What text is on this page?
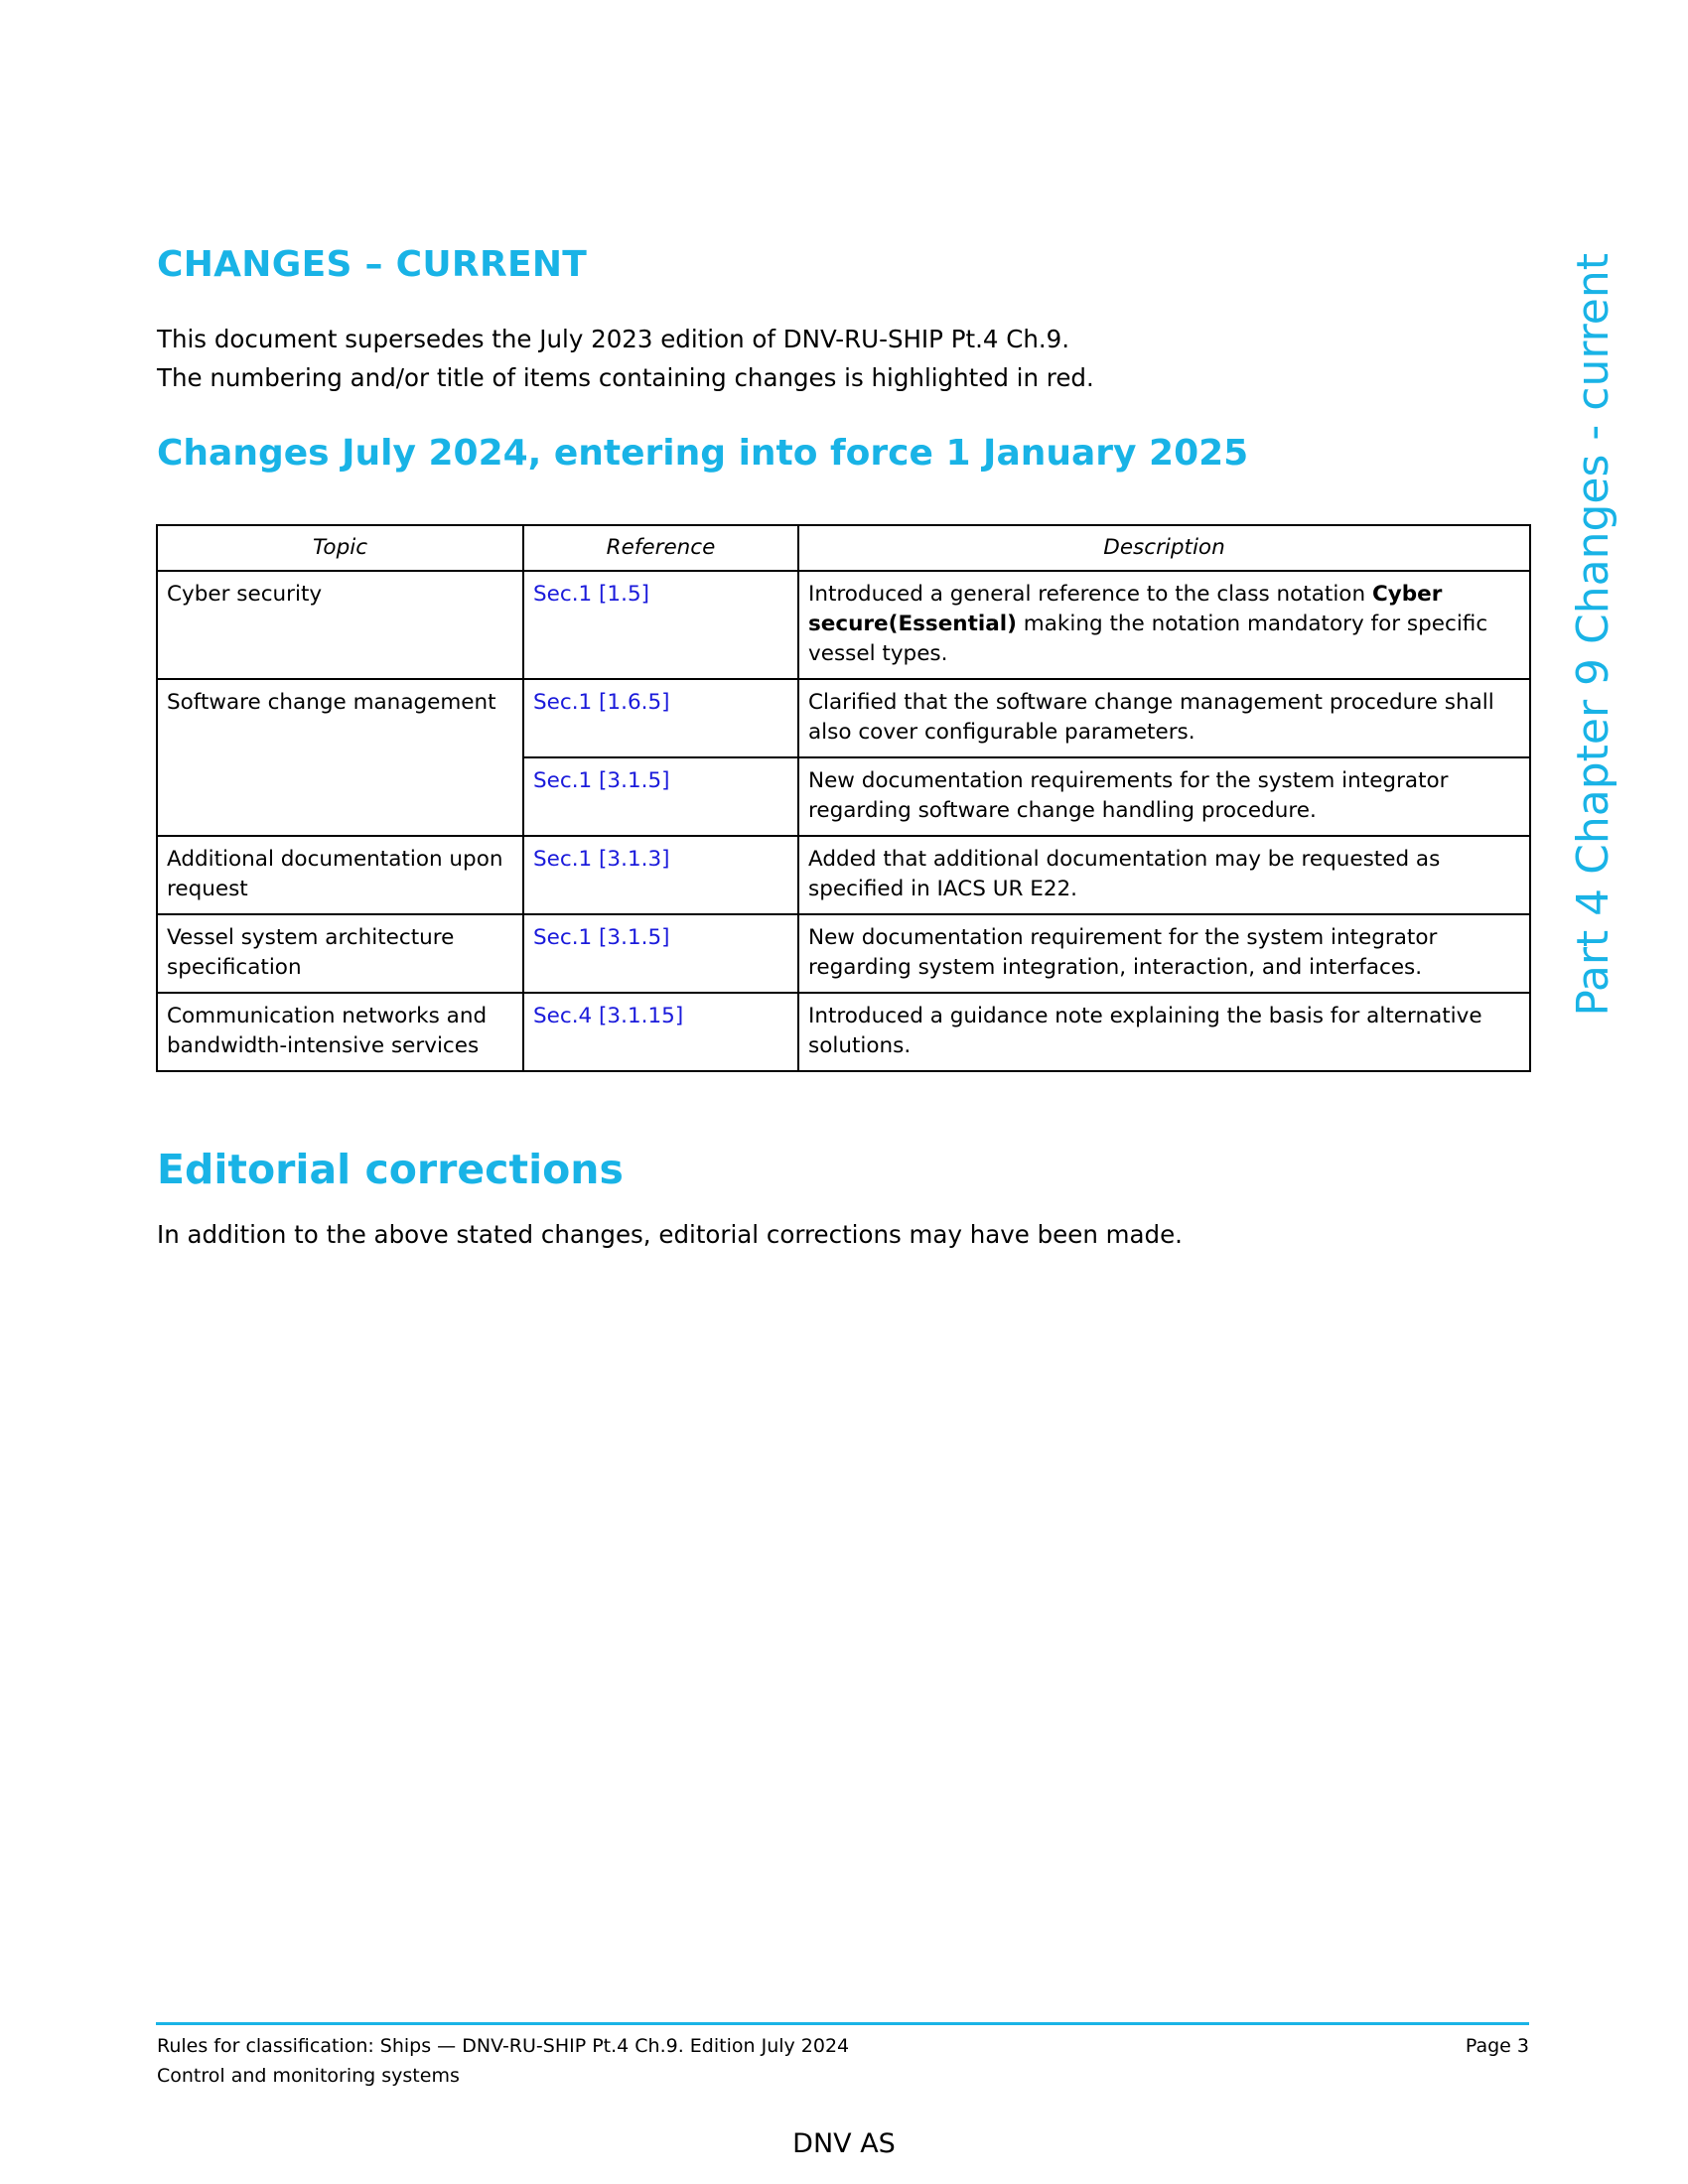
CHANGES – CURRENT

This document supersedes the July 2023 edition of DNV-RU-SHIP Pt.4 Ch.9.

The numbering and/or title of items containing changes is highlighted in red.

Changes July 2024, entering into force 1 January 2025
Topic	Reference	Description
Cyber security	Sec.1 [1.5]	Introduced a general reference to the class notation Cyber secure(Essential) making the notation mandatory for specific vessel types.
Software change management	Sec.1 [1.6.5]	Clarified that the software change management procedure shall also cover configurable parameters.
	Sec.1 [3.1.5]	New documentation requirements for the system integrator regarding software change handling procedure.
Additional documentation upon request	Sec.1 [3.1.3]	Added that additional documentation may be requested as specified in IACS UR E22.
Vessel system architecture specification	Sec.1 [3.1.5]	New documentation requirement for the system integrator regarding system integration, interaction, and interfaces.
Communication networks and bandwidth-intensive services	Sec.4 [3.1.15]	Introduced a guidance note explaining the basis for alternative solutions.
Editorial corrections

In addition to the above stated changes, editorial corrections may have been made.

Part 4 Chapter 9 Changes - current
Rules for classification: Ships — DNV-RU-SHIP Pt.4 Ch.9. Edition July 2024
Control and monitoring systems
Page 3
DNV AS
